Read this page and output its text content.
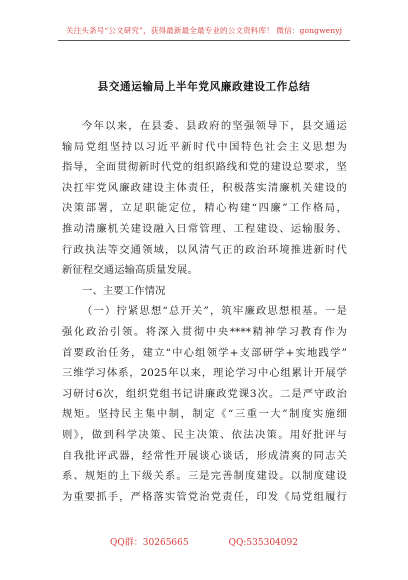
关注头条号“公文研究”，获得最新最全最专业的公文资料库！ 微信：gongwenyj
县交通运输局上半年党风廉政建设工作总结
今年以来，在县委、县政府的坚强领导下，县交通运
输局党组坚持以习近平新时代中国特色社会主义思想为
指导，全面贯彻新时代党的组织路线和党的建设总要求，坚
决扛牢党风廉政建设主体责任，积极落实清廉机关建设的
决策部署，立足职能定位，精心构建“四廉”工作格局，
推动清廉机关建设融入日常管理、工程建设、运输服务、
行政执法等交通领域，以风清气正的政治环境推进新时代
新征程交通运输高质量发展。
一、主要工作情况
（一）拧紧思想“总开关”，筑牢廉政思想根基。一是
强化政治引领。将深入贯彻中央****精神学习教育作为
首要政治任务，建立“中心组领学+支部研学+实地践学”
三维学习体系，2025年以来，理论学习中心组累计开展学
习研讨6次，组织党组书记讲廉政党课3次。二是严守政治
规矩。坚持民主集中制，制定《“三重一大”制度实施细
则》，做到科学决策、民主决策、依法决策。用好批评与
自我批评武器，经常性开展谈心谈话，形成清爽的同志关
系、规矩的上下级关系。三是完善制度建设。以制度建设
为重要抓手，严格落实管党治党责任，印发《局党组履行
QQ群：30265665	QQ:535304092
